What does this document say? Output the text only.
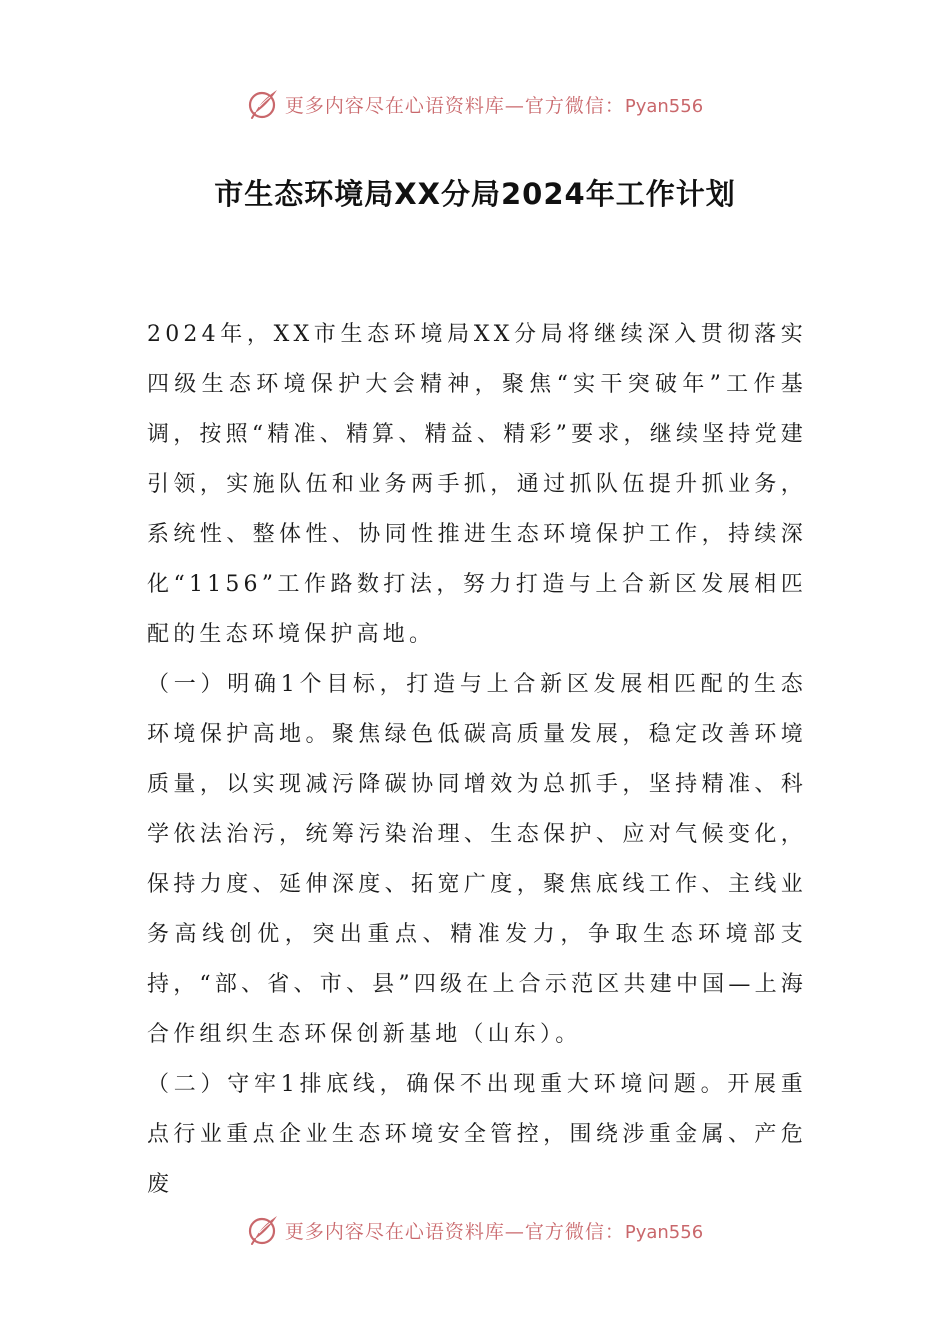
更多内容尽在心语资料库—官方微信：Pyan556
市生态环境局XX分局2024年工作计划

2024年，XX市生态环境局XX分局将继续深入贯彻落实四级生态环境保护大会精神，聚焦“实干突破年”工作基调，按照“精准、精算、精益、精彩”要求，继续坚持党建引领，实施队伍和业务两手抓，通过抓队伍提升抓业务，系统性、整体性、协同性推进生态环境保护工作，持续深化“1156”工作路数打法，努力打造与上合新区发展相匹配的生态环境保护高地。

（一）明确1个目标，打造与上合新区发展相匹配的生态环境保护高地。聚焦绿色低碳高质量发展，稳定改善环境质量，以实现减污降碳协同增效为总抓手，坚持精准、科学依法治污，统筹污染治理、生态保护、应对气候变化，保持力度、延伸深度、拓宽广度，聚焦底线工作、主线业务高线创优，突出重点、精准发力，争取生态环境部支持，“部、省、市、县”四级在上合示范区共建中国—上海合作组织生态环保创新基地（山东）。

（二）守牢1排底线，确保不出现重大环境问题。开展重点行业重点企业生态环境安全管控，围绕涉重金属、产危废

更多内容尽在心语资料库—官方微信：Pyan556
